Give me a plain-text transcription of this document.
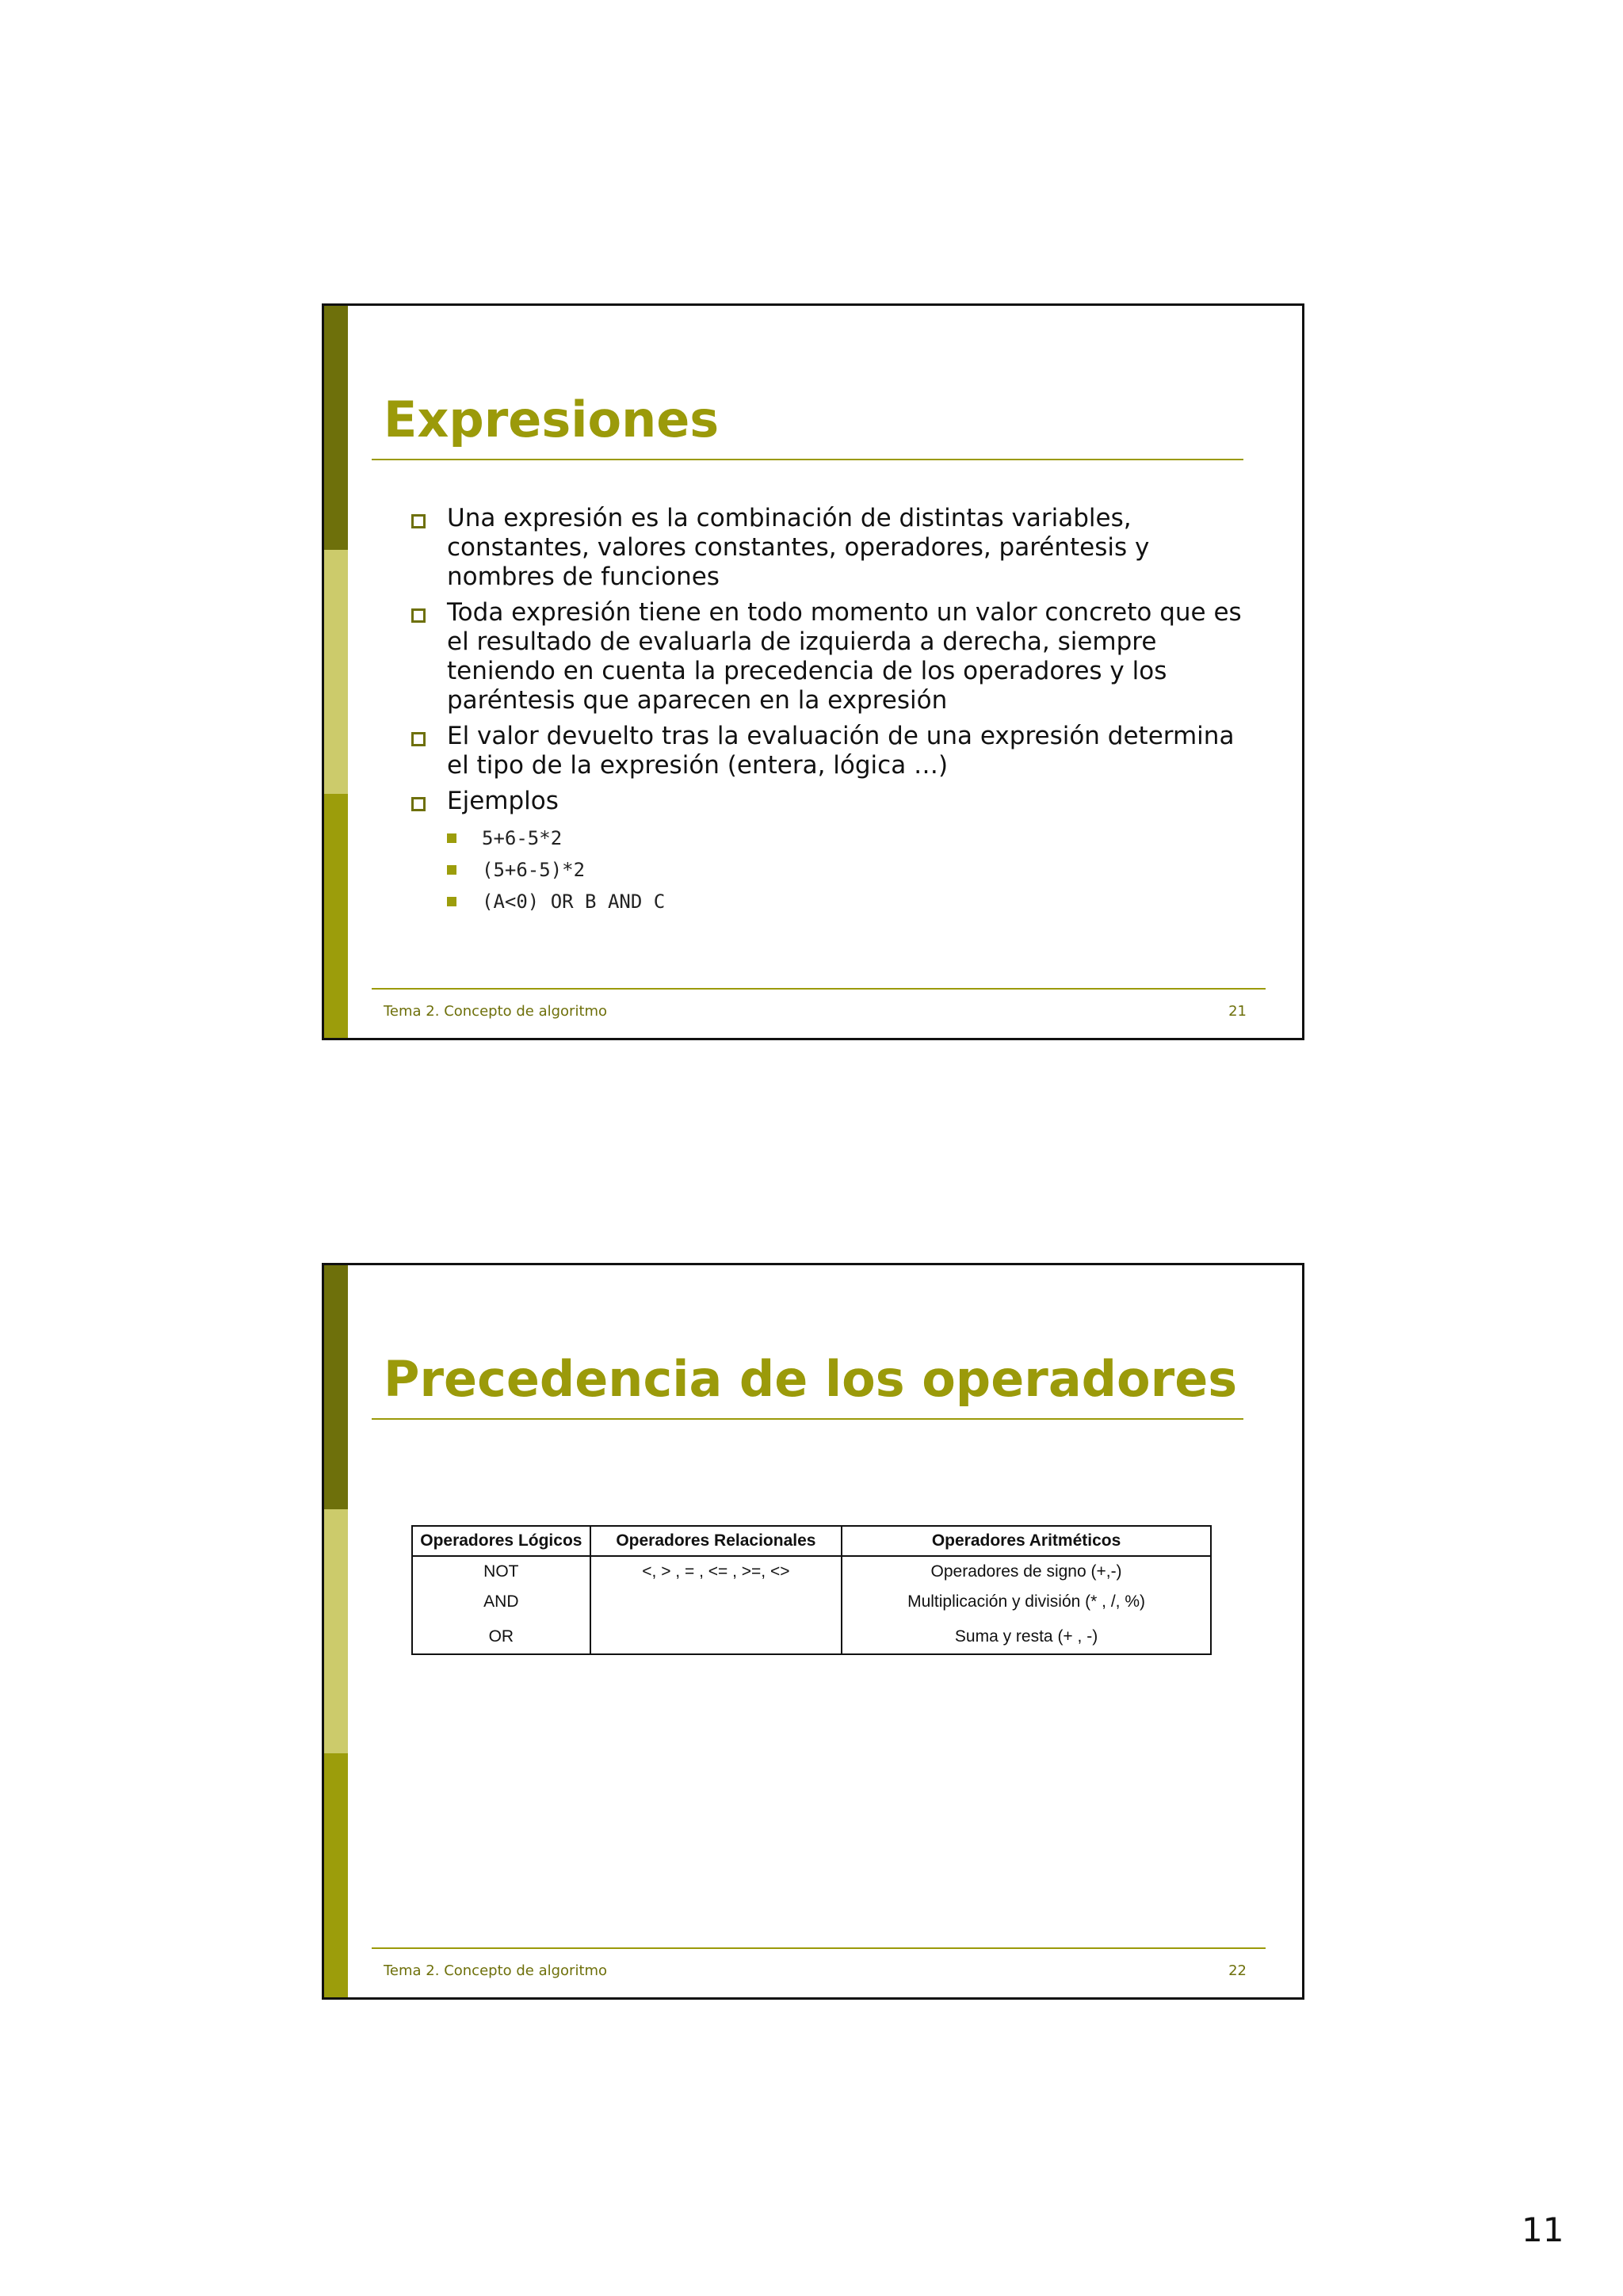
Expresiones
Una expresión es la combinación de distintas variables, constantes, valores constantes, operadores, paréntesis y nombres de funciones
Toda expresión tiene en todo momento un valor concreto que es el resultado de evaluarla de izquierda a derecha, siempre teniendo en cuenta la precedencia de los operadores y los paréntesis que aparecen en la expresión
El valor devuelto tras la evaluación de una expresión determina el tipo de la expresión (entera, lógica …)
Ejemplos
5+6-5*2
(5+6-5)*2
(A<0) OR B AND C
Tema 2. Concepto de algoritmo	21
Precedencia de los operadores
Operadores Lógicos	Operadores Relacionales	Operadores Aritméticos
NOT	<, > , = , <= , >=, <>	Operadores de signo (+,-)
AND		Multiplicación y división (* , /, %)
OR		Suma y resta (+ , -)
Tema 2. Concepto de algoritmo	22
11
